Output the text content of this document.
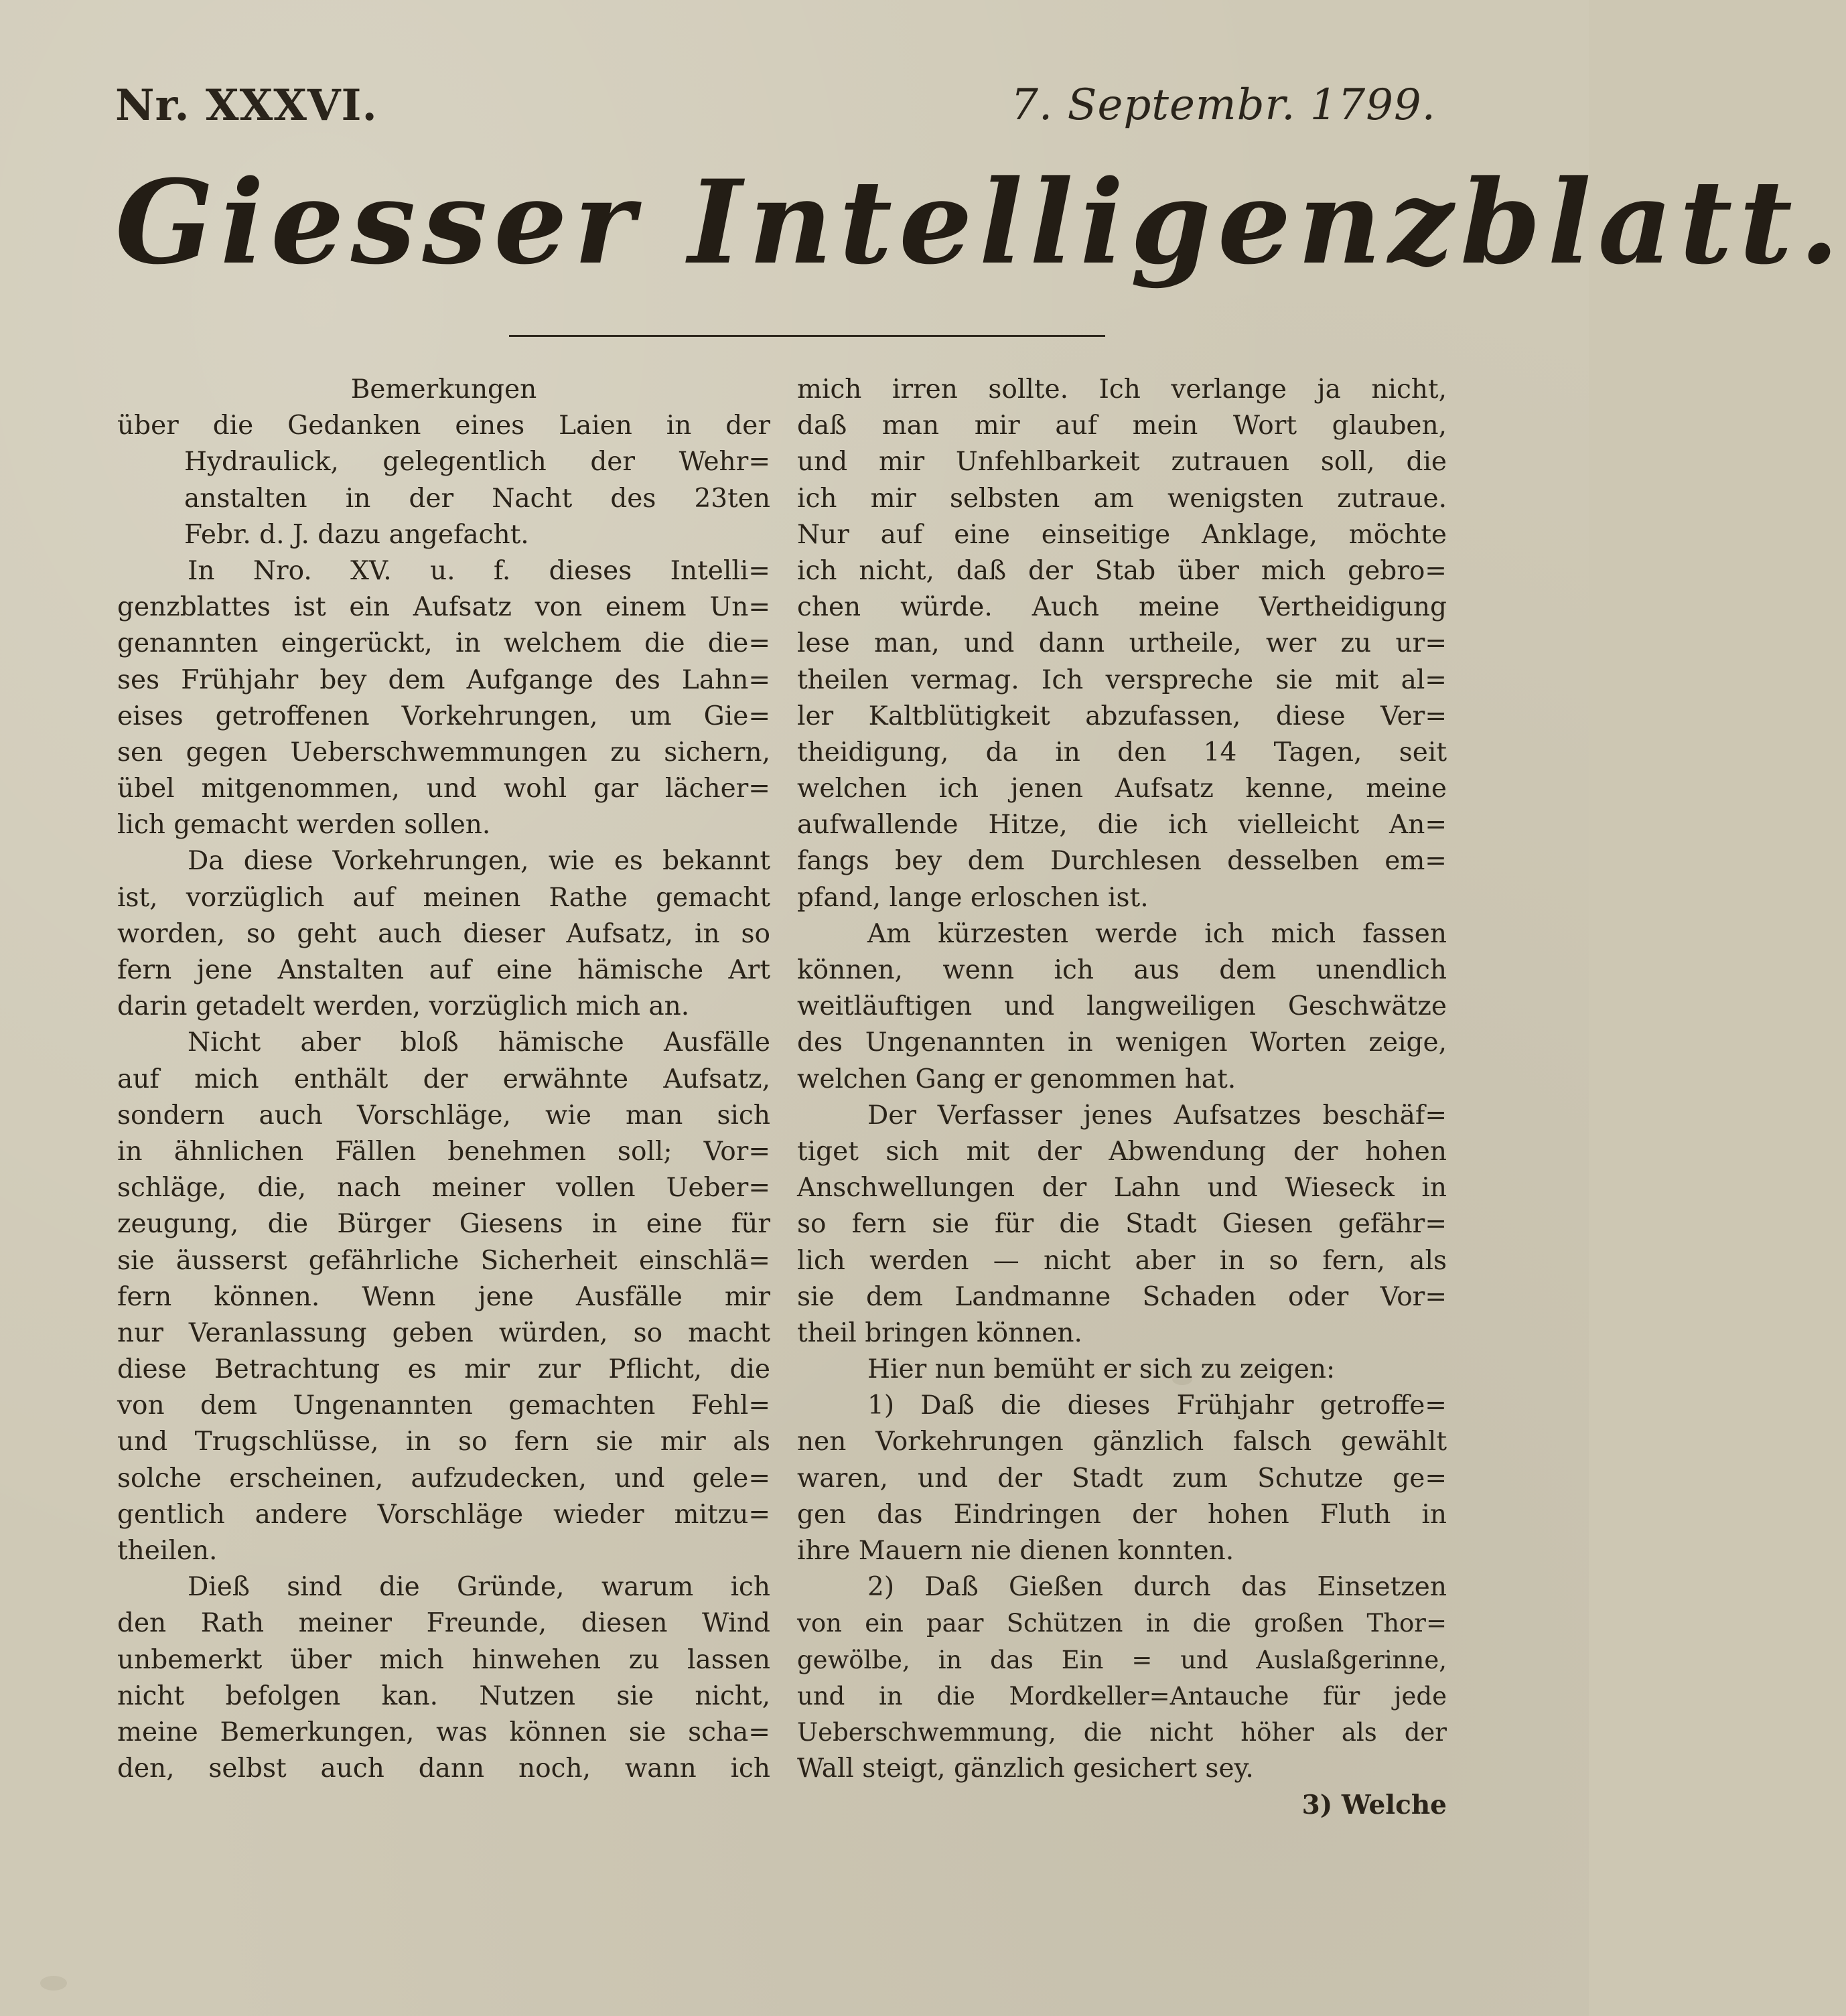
Nr. XXXVI.	7. Septembr. 1799.
Giesser Intelligenzblatt.
Bemerkungen
über die Gedanken eines Laien in der
Hydraulick, gelegentlich der Wehr=
anstalten in der Nacht des 23ten
Febr. d. J. dazu angefacht.
In Nro. XV. u. f. dieses Intelli=
genzblattes ist ein Aufsatz von einem Un=
genannten eingerückt, in welchem die die=
ses Frühjahr bey dem Aufgange des Lahn=
eises getroffenen Vorkehrungen, um Gie=
sen gegen Ueberschwemmungen zu sichern,
übel mitgenommen, und wohl gar lächer=
lich gemacht werden sollen.
Da diese Vorkehrungen, wie es bekannt
ist, vorzüglich auf meinen Rathe gemacht
worden, so geht auch dieser Aufsatz, in so
fern jene Anstalten auf eine hämische Art
darin getadelt werden, vorzüglich mich an.
Nicht aber bloß hämische Ausfälle
auf mich enthält der erwähnte Aufsatz,
sondern auch Vorschläge, wie man sich
in ähnlichen Fällen benehmen soll; Vor=
schläge, die, nach meiner vollen Ueber=
zeugung, die Bürger Giesens in eine für
sie äusserst gefährliche Sicherheit einschlä=
fern können. Wenn jene Ausfälle mir
nur Veranlassung geben würden, so macht
diese Betrachtung es mir zur Pflicht, die
von dem Ungenannten gemachten Fehl=
und Trugschlüsse, in so fern sie mir als
solche erscheinen, aufzudecken, und gele=
gentlich andere Vorschläge wieder mitzu=
theilen.
Dieß sind die Gründe, warum ich
den Rath meiner Freunde, diesen Wind
unbemerkt über mich hinwehen zu lassen
nicht befolgen kan. Nutzen sie nicht,
meine Bemerkungen, was können sie scha=
den, selbst auch dann noch, wann ich
mich irren sollte. Ich verlange ja nicht,
daß man mir auf mein Wort glauben,
und mir Unfehlbarkeit zutrauen soll, die
ich mir selbsten am wenigsten zutraue.
Nur auf eine einseitige Anklage, möchte
ich nicht, daß der Stab über mich gebro=
chen würde. Auch meine Vertheidigung
lese man, und dann urtheile, wer zu ur=
theilen vermag. Ich verspreche sie mit al=
ler Kaltblütigkeit abzufassen, diese Ver=
theidigung, da in den 14 Tagen, seit
welchen ich jenen Aufsatz kenne, meine
aufwallende Hitze, die ich vielleicht An=
fangs bey dem Durchlesen desselben em=
pfand, lange erloschen ist.
Am kürzesten werde ich mich fassen
können, wenn ich aus dem unendlich
weitläuftigen und langweiligen Geschwätze
des Ungenannten in wenigen Worten zeige,
welchen Gang er genommen hat.
Der Verfasser jenes Aufsatzes beschäf=
tiget sich mit der Abwendung der hohen
Anschwellungen der Lahn und Wieseck in
so fern sie für die Stadt Giesen gefähr=
lich werden — nicht aber in so fern, als
sie dem Landmanne Schaden oder Vor=
theil bringen können.
Hier nun bemüht er sich zu zeigen:
1) Daß die dieses Frühjahr getroffe=
nen Vorkehrungen gänzlich falsch gewählt
waren, und der Stadt zum Schutze ge=
gen das Eindringen der hohen Fluth in
ihre Mauern nie dienen konnten.
2) Daß Gießen durch das Einsetzen
von ein paar Schützen in die großen Thor=
gewölbe, in das Ein = und Auslaßgerinne,
und in die Mordkeller=Antauche für jede
Ueberschwemmung, die nicht höher als der
Wall steigt, gänzlich gesichert sey.
3) Welche
